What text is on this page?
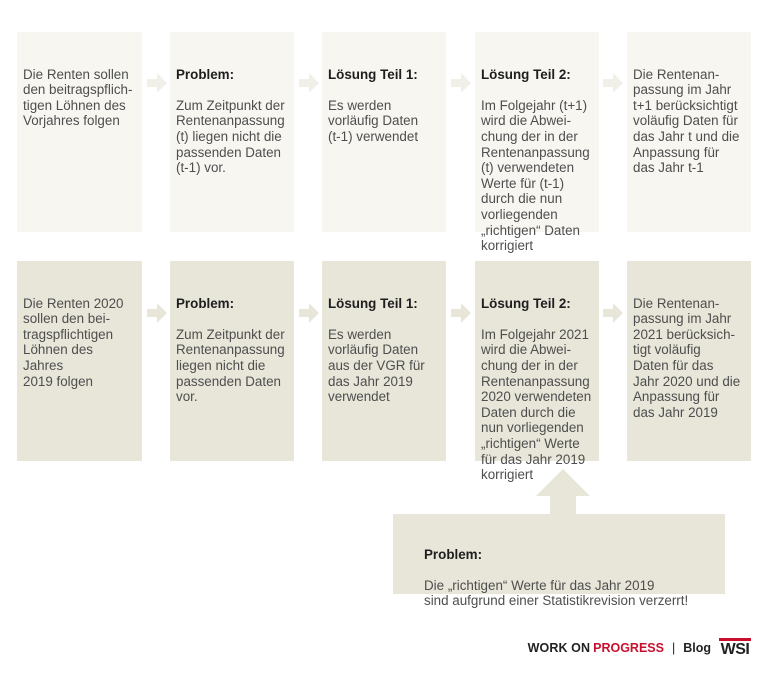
Die Renten sollen
den beitragspflich-
tigen Löhnen des
Vorjahres folgen

Problem:

Zum Zeitpunkt der
Rentenanpassung
(t) liegen nicht die
passenden Daten
(t-1) vor.

Lösung Teil 1:

Es werden
vorläufig Daten
(t-1) verwendet

Lösung Teil 2:

Im Folgejahr (t+1)
wird die Abwei-
chung der in der
Rentenanpassung
(t) verwendeten
Werte für (t-1)
durch die nun
vorliegenden
„richtigen“ Daten
korrigiert

Die Rentenan-
passung im Jahr
t+1 berücksichtigt
voläufig Daten für
das Jahr t und die
Anpassung für
das Jahr t-1

Die Renten 2020
sollen den bei-
tragspflichtigen
Löhnen des Jahres
2019 folgen

Problem:

Zum Zeitpunkt der
Rentenanpassung
liegen nicht die
passenden Daten
vor.

Lösung Teil 1:

Es werden
vorläufig Daten
aus der VGR für
das Jahr 2019
verwendet

Lösung Teil 2:

Im Folgejahr 2021
wird die Abwei-
chung der in der
Rentenanpassung
2020 verwendeten
Daten durch die
nun vorliegenden
„richtigen“ Werte
für das Jahr 2019
korrigiert

Die Rentenan-
passung im Jahr
2021 berücksich-
tigt voläufig
Daten für das
Jahr 2020 und die
Anpassung für
das Jahr 2019

Problem:

Die „richtigen“ Werte für das Jahr 2019
sind aufgrund einer Statistikrevision verzerrt!

WORK ON PROGRESS | Blog WSI
